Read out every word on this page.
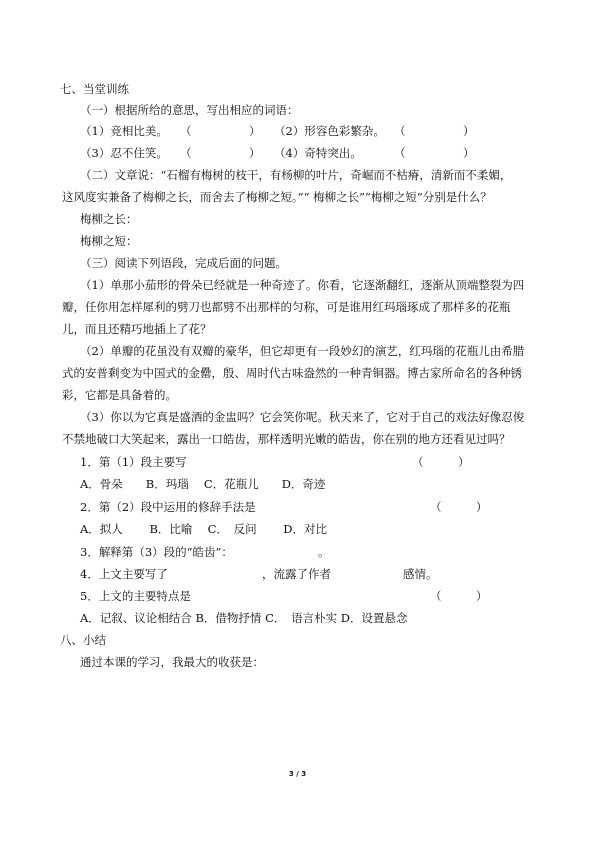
七、当堂训练
（一）根据所给的意思，写出相应的词语：
（1）竞相比美。 （　　　　　） （2）形容色彩繁杂。 （　　　　　）
（3）忍不住笑。 （　　　　　） （4）奇特突出。	（　　　　　）
（二）文章说：“石榴有梅树的枝干，有杨柳的叶片，奇崛而不枯瘠，清新而不柔媚，
这风度实兼备了梅柳之长，而舍去了梅柳之短。”“ 梅柳之长”“梅柳之短”分别是什么？
梅柳之长：
梅柳之短：
（三）阅读下列语段，完成后面的问题。
（1）单那小茄形的骨朵已经就是一种奇迹了。你看，它逐渐翻红，逐渐从顶端整裂为四
瓣，任你用怎样犀利的劈刀也都劈不出那样的匀称，可是谁用红玛瑙琢成了那样多的花瓶
儿，而且还精巧地插上了花？
（2）单瓣的花虽没有双瓣的豪华，但它却更有一段妙幻的演艺，红玛瑙的花瓶儿由希腊
式的安普剩变为中国式的金罍，殷、周时代古味盎然的一种青铜器。博古家所命名的各种锈
彩，它都是具备着的。
（3）你以为它真是盛酒的金盅吗？它会笑你呢。秋天来了，它对于自己的戏法好像忍俊
不禁地破口大笑起来，露出一口皓齿，那样透明光嫩的皓齿，你在别的地方还看见过吗？
1．第（1）段主要写	（　　　）
A．骨朵　　B．玛瑙　 C．花瓶儿　　D．奇迹
2．第（2）段中运用的修辞手法是	（　　　）
A．拟人　　 B．比喻　 C．　反问　　 D．对比
3．解释第（3）段的“皓齿”：	。
4．上文主要写了	，流露了作者	感情。
5．上文的主要特点是	（　　　）
A．记叙、议论相结合 B．借物抒情 C．　语言朴实 D．设置悬念
八、小结
通过本课的学习，我最大的收获是：
3 / 3
